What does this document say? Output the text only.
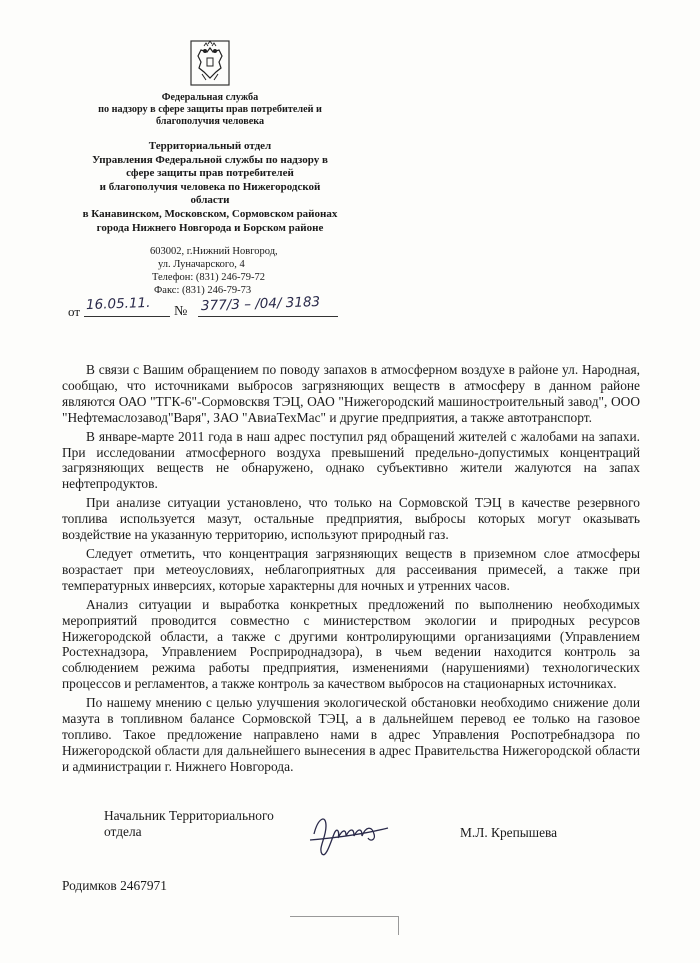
Федеральная служба
по надзору в сфере защиты прав потребителей и
благополучия человека

Территориальный отдел
Управления Федеральной службы по надзору в
сфере защиты прав потребителей
и благополучия человека по Нижегородской
области
в Канавинском, Московском, Сормовском районах
города Нижнего Новгорода и Борском районе

603002, г.Нижний Новгород,
ул. Луначарского, 4
Телефон: (831) 246-79-72
Факс: (831) 246-79-73

от 16.05.11. № 377/3 – /04/ 3183

В связи с Вашим обращением по поводу запахов в атмосферном воздухе в районе ул. Народная, сообщаю, что источниками выбросов загрязняющих веществ в атмосферу в данном районе являются ОАО "ТГК-6"-Сормовсквя ТЭЦ, ОАО "Нижегородский машиностроительный завод", ООО "Нефтемаслозавод"Варя", ЗАО "АвиаТехМас" и другие предприятия, а также автотранспорт.

В январе-марте 2011 года в наш адрес поступил ряд обращений жителей с жалобами на запахи. При исследовании атмосферного воздуха превышений предельно-допустимых концентраций загрязняющих веществ не обнаружено, однако субъективно жители жалуются на запах нефтепродуктов.

При анализе ситуации установлено, что только на Сормовской ТЭЦ в качестве резервного топлива используется мазут, остальные предприятия, выбросы которых могут оказывать воздействие на указанную территорию, используют природный газ.

Следует отметить, что концентрация загрязняющих веществ в приземном слое атмосферы возрастает при метеоусловиях, неблагоприятных для рассеивания примесей, а также при температурных инверсиях, которые характерны для ночных и утренних часов.

Анализ ситуации и выработка конкретных предложений по выполнению необходимых мероприятий проводится совместно с министерством экологии и природных ресурсов Нижегородской области, а также с другими контролирующими организациями (Управлением Ростехнадзора, Управлением Росприроднадзора), в чьем ведении находится контроль за соблюдением режима работы предприятия, изменениями (нарушениями) технологических процессов и регламентов, а также контроль за качеством выбросов на стационарных источниках.

По нашему мнению с целью улучшения экологической обстановки необходимо снижение доли мазута в топливном балансе Сормовской ТЭЦ, а в дальнейшем перевод ее только на газовое топливо. Такое предложение направлено нами в адрес Управления Роспотребнадзора по Нижегородской области для дальнейшего вынесения в адрес Правительства Нижегородской области и администрации г. Нижнего Новгорода.

Начальник Территориального отдела	М.Л. Крепышева
Родимков 2467971
